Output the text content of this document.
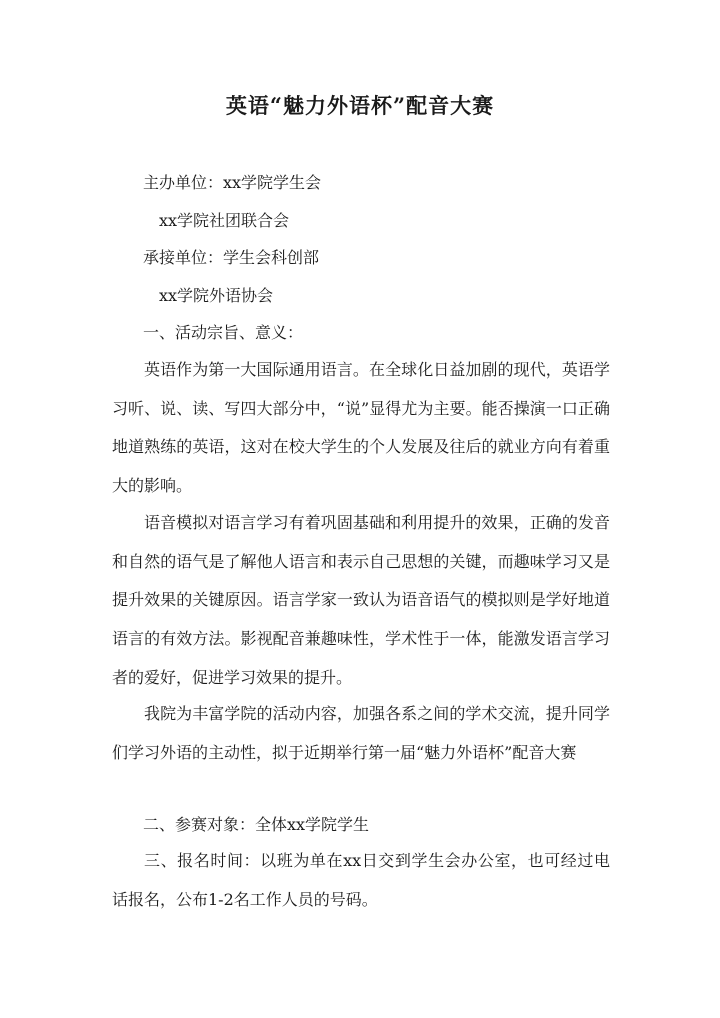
英语“魅力外语杯”配音大赛
主办单位：xx学院学生会
xx学院社团联合会
承接单位：学生会科创部
xx学院外语协会
一、活动宗旨、意义：

英语作为第一大国际通用语言。在全球化日益加剧的现代，英语学习听、说、读、写四大部分中，“说”显得尤为主要。能否操演一口正确地道熟练的英语，这对在校大学生的个人发展及往后的就业方向有着重大的影响。

语音模拟对语言学习有着巩固基础和利用提升的效果，正确的发音和自然的语气是了解他人语言和表示自己思想的关键，而趣味学习又是提升效果的关键原因。语言学家一致认为语音语气的模拟则是学好地道语言的有效方法。影视配音兼趣味性，学术性于一体，能激发语言学习者的爱好，促进学习效果的提升。

我院为丰富学院的活动内容，加强各系之间的学术交流，提升同学们学习外语的主动性，拟于近期举行第一届“魅力外语杯”配音大赛

二、参赛对象：全体xx学院学生

三、报名时间：以班为单在xx日交到学生会办公室，也可经过电话报名，公布1-2名工作人员的号码。
